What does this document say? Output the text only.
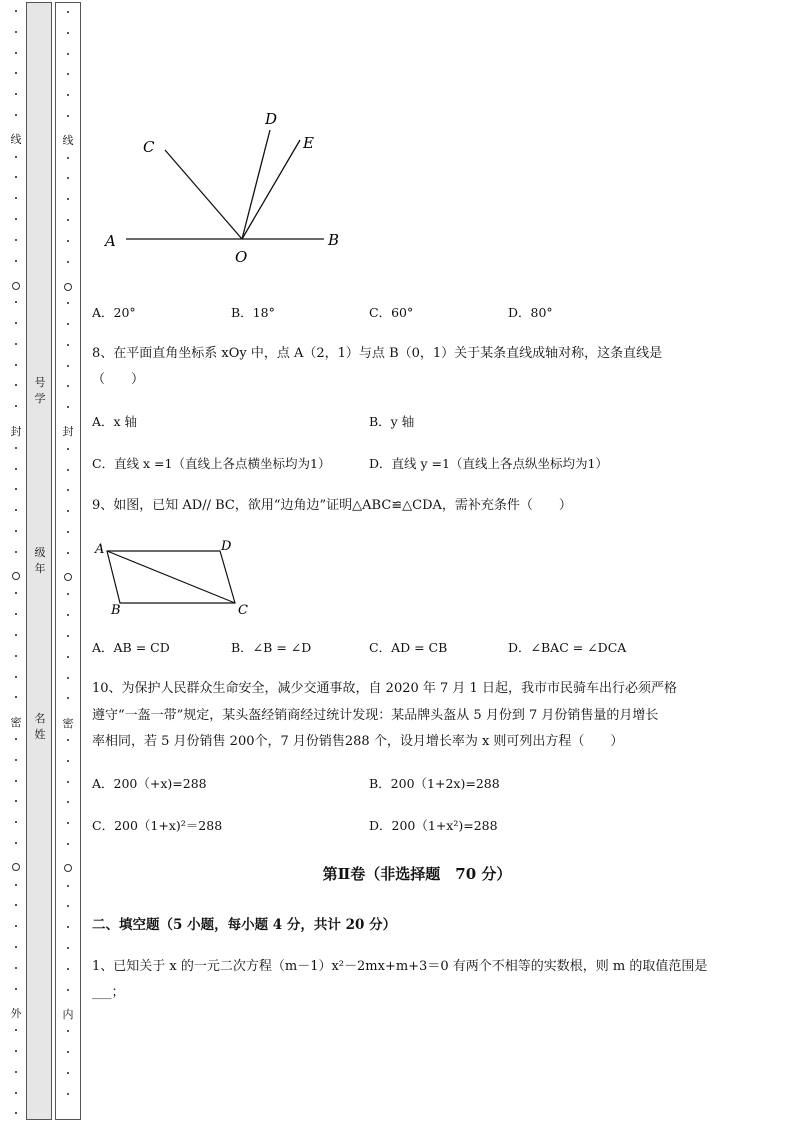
线
封
密
外
号
学
级
年
名
姓
线
封
密
内
A	B
C
D
E
O
A．20°	B．18°	C．60°	D．80°
8、在平面直角坐标系 xOy 中，点 A（2，1）与点 B（0，1）关于某条直线成轴对称，这条直线是
（　　）
A．x 轴	B．y 轴
C．直线 x =1（直线上各点横坐标均为1）	D．直线 y =1（直线上各点纵坐标均为1）
9、如图，已知 AD// BC，欲用“边角边”证明△ABC≌△CDA，需补充条件（　　）
A	D
B	C
A．AB = CD	B．∠B = ∠D	C．AD = CB	D．∠BAC = ∠DCA
10、为保护人民群众生命安全，减少交通事故，自 2020 年 7 月 1 日起，我市市民骑车出行必须严格
遵守“一盔一带”规定，某头盔经销商经过统计发现：某品牌头盔从 5 月份到 7 月份销售量的月增长
率相同，若 5 月份销售 200个，7 月份销售288 个，设月增长率为 x 则可列出方程（　　）
A．200（+x)=288	B．200（1+2x)=288
C．200（1+x)²＝288	D．200（1+x²)=288
第Ⅱ卷（非选择题　70 分）
二、填空题（5 小题，每小题 4 分，共计 20 分）
1、已知关于 x 的一元二次方程（m－1）x²－2mx+m+3＝0 有两个不相等的实数根，则 m 的取值范围是
___；
